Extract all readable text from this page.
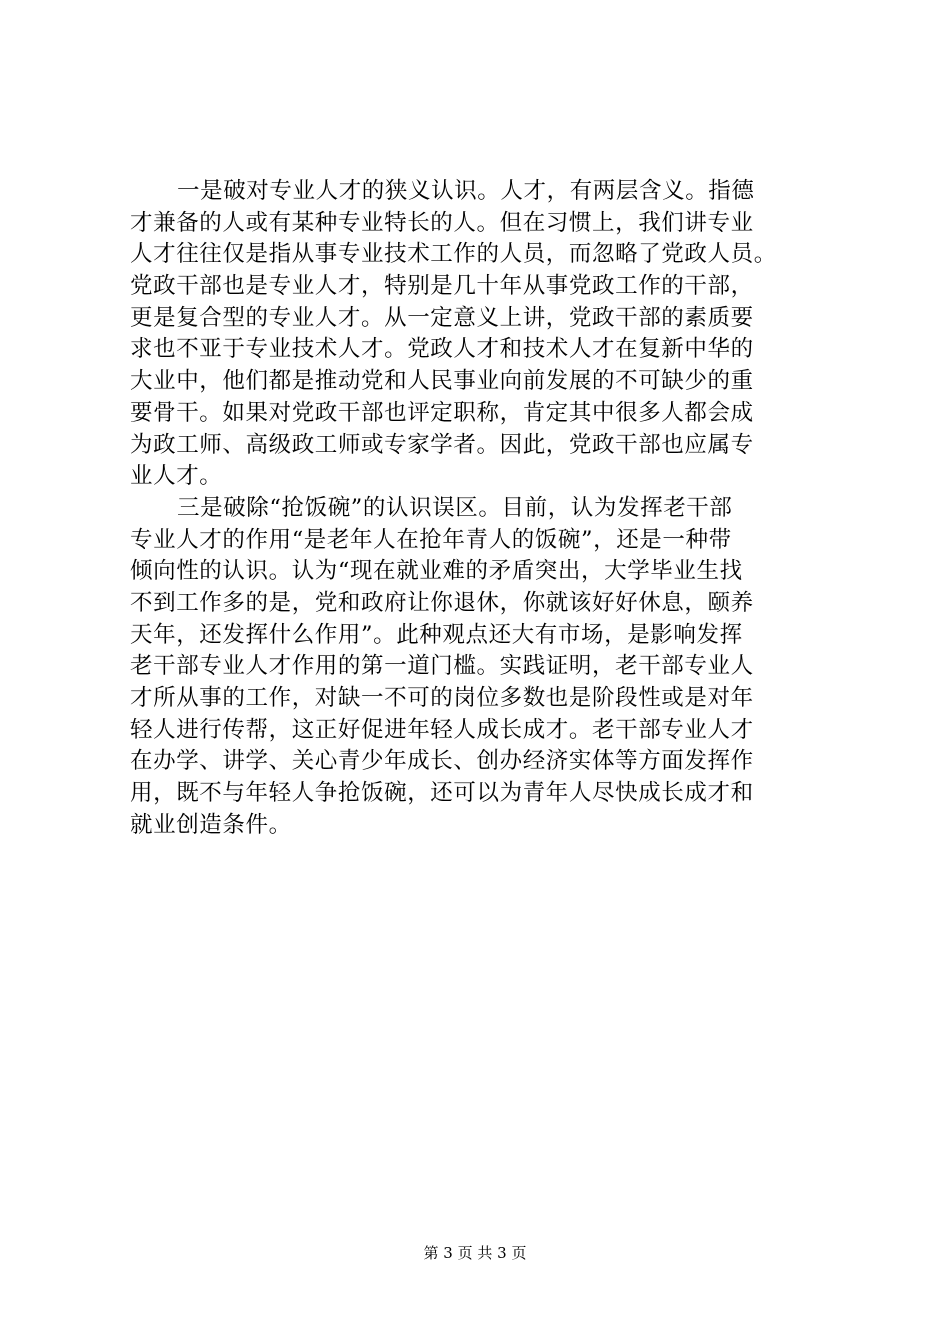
一是破对专业人才的狭义认识。人才，有两层含义。指德
才兼备的人或有某种专业特长的人。但在习惯上，我们讲专业
人才往往仅是指从事专业技术工作的人员，而忽略了党政人员。
党政干部也是专业人才，特别是几十年从事党政工作的干部，
更是复合型的专业人才。从一定意义上讲，党政干部的素质要
求也不亚于专业技术人才。党政人才和技术人才在复新中华的
大业中，他们都是推动党和人民事业向前发展的不可缺少的重
要骨干。如果对党政干部也评定职称，肯定其中很多人都会成
为政工师、高级政工师或专家学者。因此，党政干部也应属专
业人才。
三是破除“抢饭碗”的认识误区。目前，认为发挥老干部
专业人才的作用“是老年人在抢年青人的饭碗”，还是一种带
倾向性的认识。认为“现在就业难的矛盾突出，大学毕业生找
不到工作多的是，党和政府让你退休，你就该好好休息，颐养
天年，还发挥什么作用”。此种观点还大有市场，是影响发挥
老干部专业人才作用的第一道门槛。实践证明，老干部专业人
才所从事的工作，对缺一不可的岗位多数也是阶段性或是对年
轻人进行传帮，这正好促进年轻人成长成才。老干部专业人才
在办学、讲学、关心青少年成长、创办经济实体等方面发挥作
用，既不与年轻人争抢饭碗，还可以为青年人尽快成长成才和
就业创造条件。
第 3 页 共 3 页
